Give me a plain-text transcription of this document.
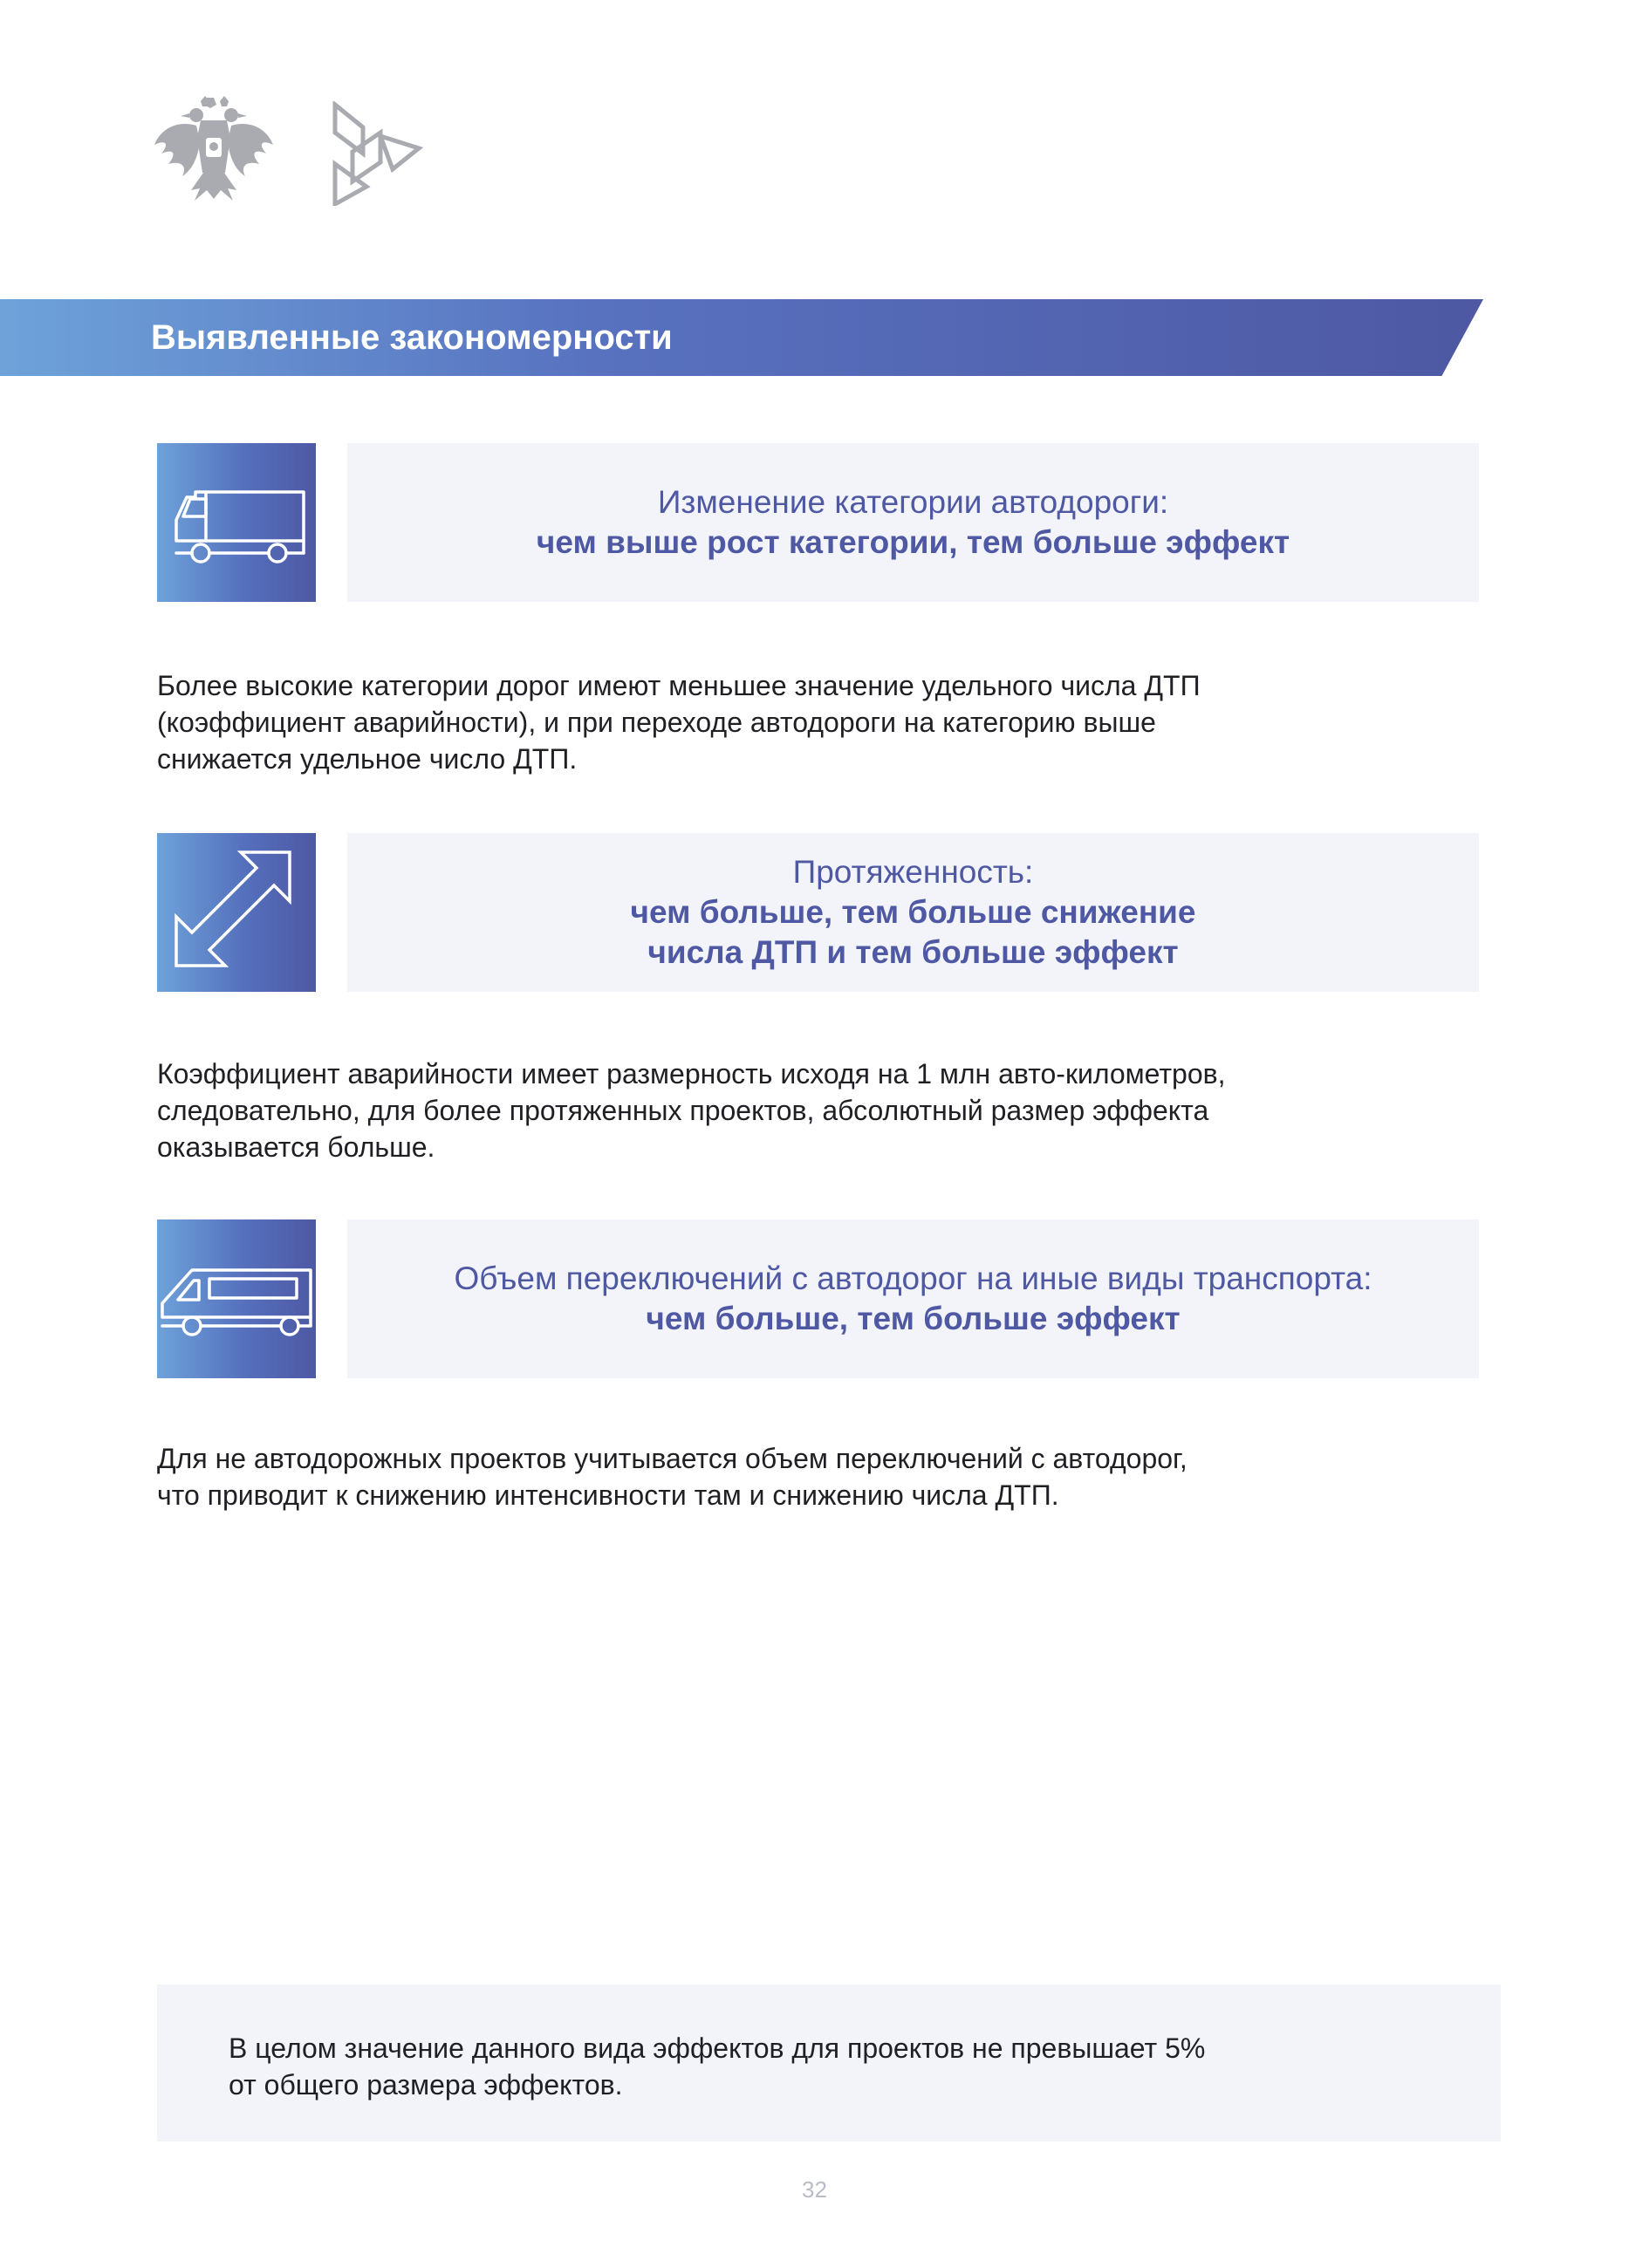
Выявленные закономерности
Изменение категории автодороги:
чем выше рост категории, тем больше эффект

Более высокие категории дорог имеют меньшее значение удельного числа ДТП
(коэффициент аварийности), и при переходе автодороги на категорию выше
снижается удельное число ДТП.

Протяженность:
чем больше, тем больше снижение
числа ДТП и тем больше эффект

Коэффициент аварийности имеет размерность исходя на 1 млн авто-километров,
следовательно, для более протяженных проектов, абсолютный размер эффекта
оказывается больше.

Объем переключений с автодорог на иные виды транспорта:
чем больше, тем больше эффект

Для не автодорожных проектов учитывается объем переключений с автодорог,
что приводит к снижению интенсивности там и снижению числа ДТП.

В целом значение данного вида эффектов для проектов не превышает 5%
от общего размера эффектов.

32
